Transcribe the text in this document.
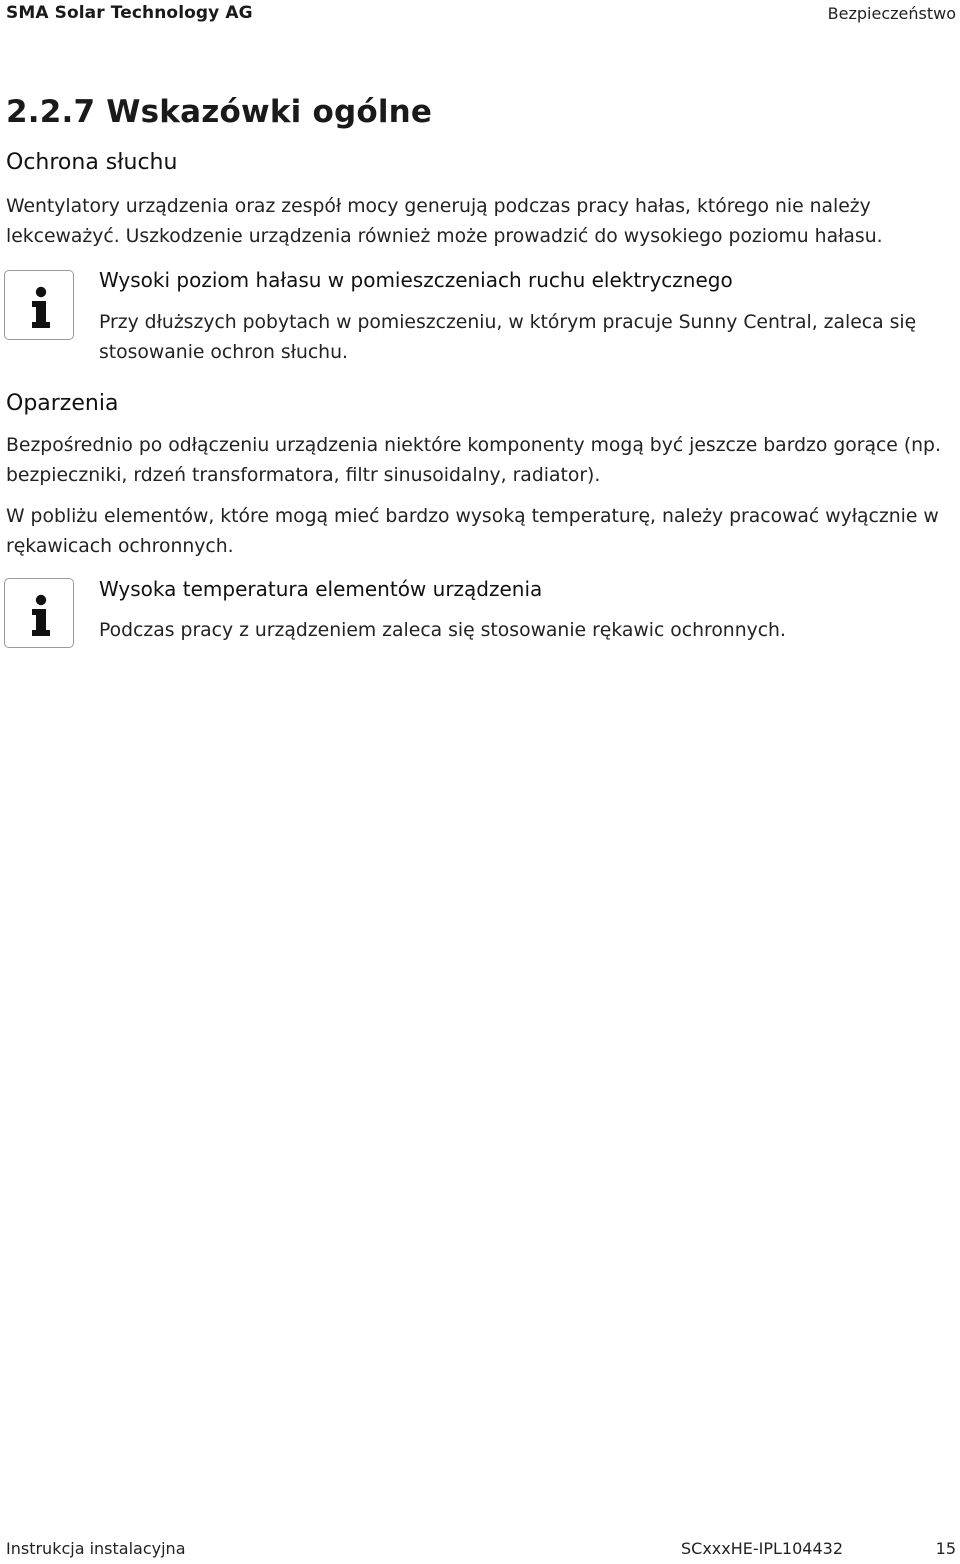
SMA Solar Technology AG	Bezpieczeństwo
2.2.7 Wskazówki ogólne
Ochrona słuchu
Wentylatory urządzenia oraz zespół mocy generują podczas pracy hałas, którego nie należy lekceważyć. Uszkodzenie urządzenia również może prowadzić do wysokiego poziomu hałasu.
Wysoki poziom hałasu w pomieszczeniach ruchu elektrycznego
Przy dłuższych pobytach w pomieszczeniu, w którym pracuje Sunny Central, zaleca się stosowanie ochron słuchu.
Oparzenia
Bezpośrednio po odłączeniu urządzenia niektóre komponenty mogą być jeszcze bardzo gorące (np. bezpieczniki, rdzeń transformatora, filtr sinusoidalny, radiator).
W pobliżu elementów, które mogą mieć bardzo wysoką temperaturę, należy pracować wyłącznie w rękawicach ochronnych.
Wysoka temperatura elementów urządzenia
Podczas pracy z urządzeniem zaleca się stosowanie rękawic ochronnych.
Instrukcja instalacyjna	SCxxxHE-IPL104432	15
